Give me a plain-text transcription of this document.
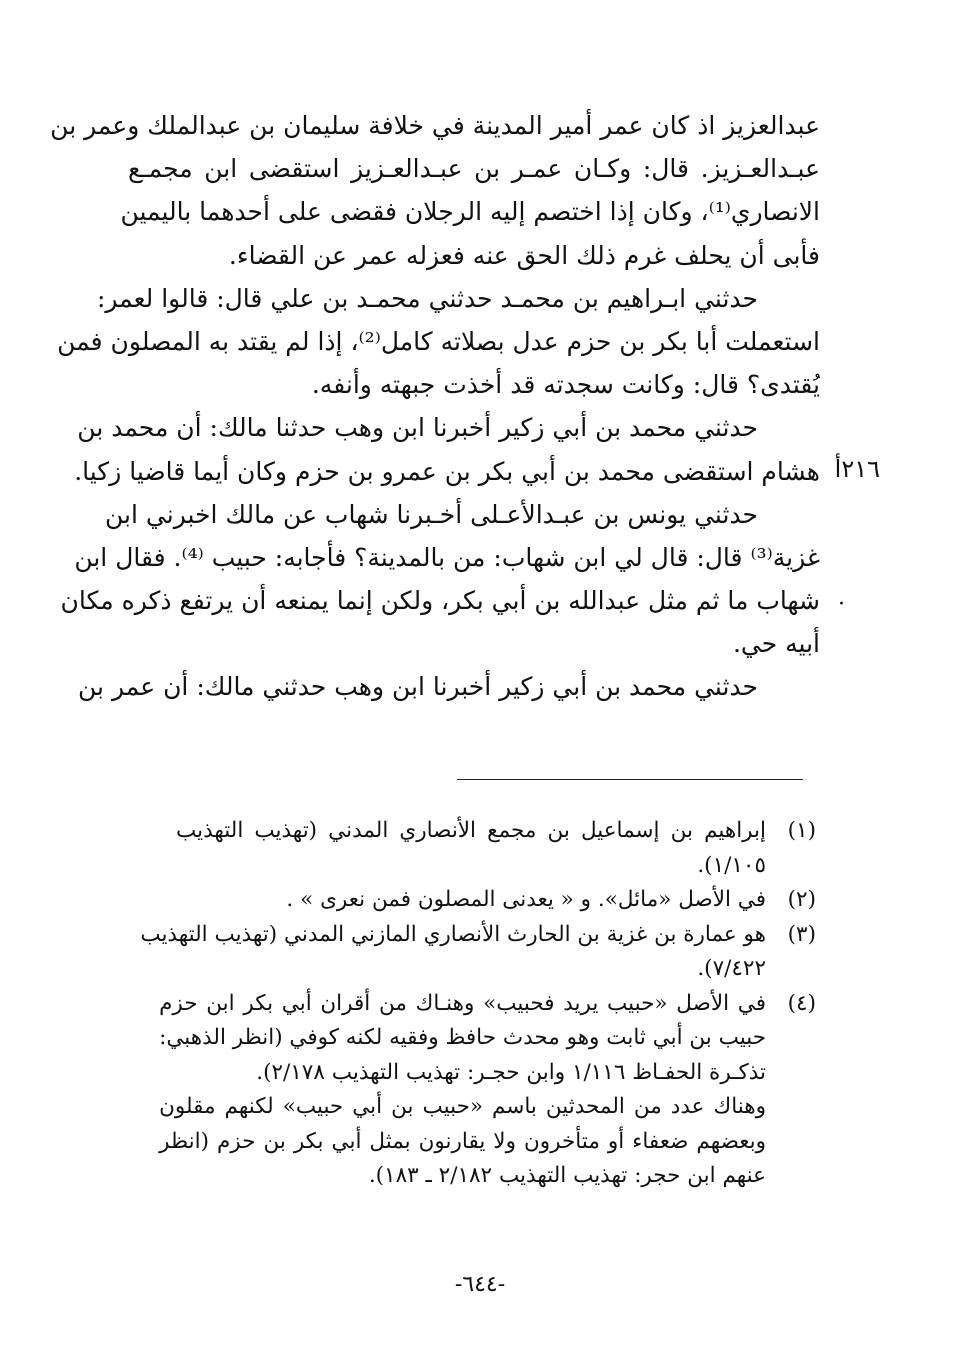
عبدالعزيز اذ كان عمر أمير المدينة في خلافة سليمان بن عبدالملك وعمر بن
عبـدالعـزيز. قال: وكـان عمـر بن عبـدالعـزيز استقضى ابن مجمـع
الانصاري⁽¹⁾، وكان إذا اختصم إليه الرجلان فقضى على أحدهما باليمين
فأبى أن يحلف غرم ذلك الحق عنه فعزله عمر عن القضاء.
حدثني ابـراهيم بن محمـد حدثني محمـد بن علي قال: قالوا لعمر:
استعملت أبا بكر بن حزم عدل بصلاته كامل⁽²⁾، إذا لم يقتد به المصلون فمن
يُقتدى؟ قال: وكانت سجدته قد أخذت جبهته وأنفه.
حدثني محمد بن أبي زكير أخبرنا ابن وهب حدثنا مالك: أن محمد بن
هشام استقضى محمد بن أبي بكر بن عمرو بن حزم وكان أيما قاضيا زكيا.
حدثني يونس بن عبـدالأعـلى أخـبرنا شهاب عن مالك اخبرني ابن
غزية⁽³⁾ قال: قال لي ابن شهاب: من بالمدينة؟ فأجابه: حبيب ⁽⁴⁾. فقال ابن
شهاب ما ثم مثل عبدالله بن أبي بكر، ولكن إنما يمنعه أن يرتفع ذكره مكان
أبيه حي.
حدثني محمد بن أبي زكير أخبرنا ابن وهب حدثني مالك: أن عمر بن
٢١٦أ
·
(١)
إبراهيم بن إسماعيل بن مجمع الأنصاري المدني (تهذيب التهذيب
١/١٠٥).
(٢)
في الأصل «مائل». و « يعدنى المصلون فمن نعرى » .
(٣)
هو عمارة بن غزية بن الحارث الأنصاري المازني المدني (تهذيب التهذيب
٧/٤٢٢).
(٤)
في الأصل «حبيب يريد فحبيب» وهنـاك من أقران أبي بكر ابن حزم
حبيب بن أبي ثابت وهو محدث حافظ وفقيه لكنه كوفي (انظر الذهبي:
تذكـرة الحفـاظ ١/١١٦ وابن حجـر: تهذيب التهذيب ٢/١٧٨).
وهناك عدد من المحدثين باسم «حبيب بن أبي حبيب» لكنهم مقلون
وبعضهم ضعفاء أو متأخرون ولا يقارنون بمثل أبي بكر بن حزم (انظر
عنهم ابن حجر: تهذيب التهذيب ٢/١٨٢ ـ ١٨٣).
-٦٤٤-
